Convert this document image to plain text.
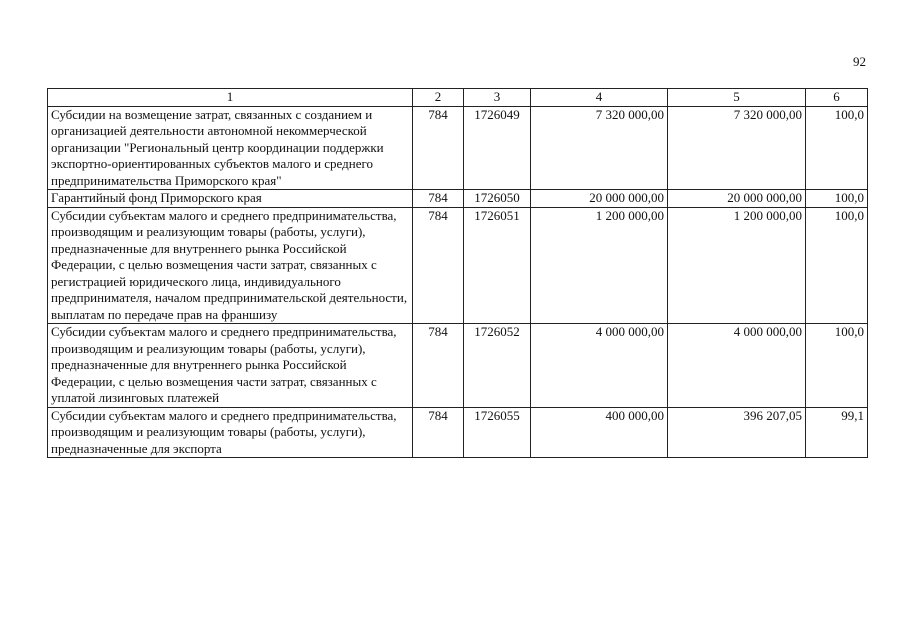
92
1	2	3	4	5	6
Субсидии на возмещение затрат, связанных с созданием и организацией деятельности автономной некоммерческой организации "Региональный центр координации поддержки экспортно-ориентированных субъектов малого и среднего предпринимательства Приморского края"	784	1726049	7 320 000,00	7 320 000,00	100,0
Гарантийный фонд Приморского края	784	1726050	20 000 000,00	20 000 000,00	100,0
Субсидии субъектам малого и среднего предпринимательства, производящим и реализующим товары (работы, услуги), предназначенные для внутреннего рынка Российской Федерации, с целью возмещения части затрат, связанных с регистрацией юридического лица, индивидуального предпринимателя, началом предпринимательской деятельности, выплатам по передаче прав на франшизу	784	1726051	1 200 000,00	1 200 000,00	100,0
Субсидии субъектам малого и среднего предпринимательства, производящим и реализующим товары (работы, услуги), предназначенные для внутреннего рынка Российской Федерации, с целью возмещения части затрат, связанных с уплатой лизинговых платежей	784	1726052	4 000 000,00	4 000 000,00	100,0
Субсидии субъектам малого и среднего предпринимательства, производящим и реализующим товары (работы, услуги), предназначенные для экспорта	784	1726055	400 000,00	396 207,05	99,1
